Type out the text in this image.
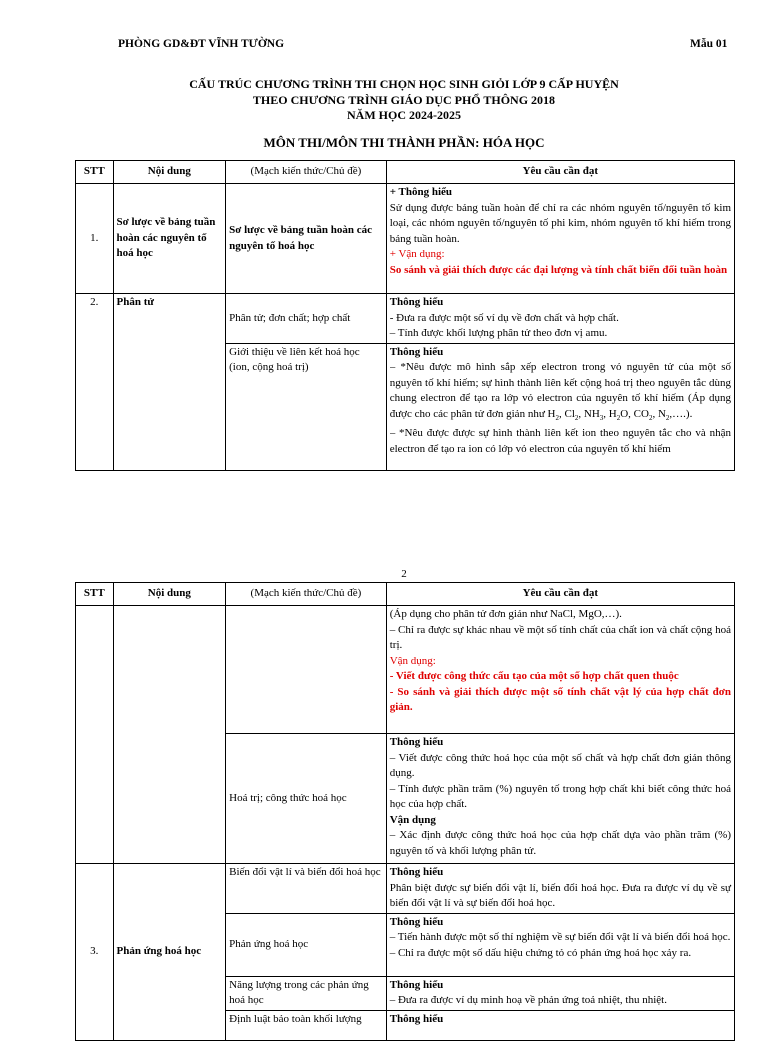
PHÒNG GD&ĐT VĨNH TƯỜNG	Mẫu 01
CẤU TRÚC CHƯƠNG TRÌNH THI CHỌN HỌC SINH GIỎI LỚP 9 CẤP HUYỆN
THEO CHƯƠNG TRÌNH GIÁO DỤC PHỔ THÔNG 2018
NĂM HỌC 2024-2025
MÔN THI/MÔN THI THÀNH PHẦN: HÓA HỌC
STT	Nội dung	(Mạch kiến thức/Chủ đề)	Yêu cầu cần đạt
1.	Sơ lược về bảng tuần hoàn các nguyên tố hoá học	Sơ lược về bảng tuần hoàn các nguyên tố hoá học	+ Thông hiểu
Sử dụng được bảng tuần hoàn để chỉ ra các nhóm nguyên tố/nguyên tố kim loại, các nhóm nguyên tố/nguyên tố phi kim, nhóm nguyên tố khí hiếm trong bảng tuần hoàn.
+ Vận dụng:
So sánh và giải thích được các đại lượng và tính chất biến đổi tuần hoàn

2.	Phân tử	Phân tử; đơn chất; hợp chất	Thông hiểu
- Đưa ra được một số ví dụ về đơn chất và hợp chất.
– Tính được khối lượng phân tử theo đơn vị amu.

		Giới thiệu về liên kết hoá học (ion, cộng hoá trị)	Thông hiểu
– *Nêu được mô hình sắp xếp electron trong vỏ nguyên tử của một số nguyên tố khí hiếm; sự hình thành liên kết cộng hoá trị theo nguyên tắc dùng chung electron để tạo ra lớp vỏ electron của nguyên tố khí hiếm (Áp dụng được cho các phân tử đơn giản như $H_2$, $Cl_2$, $NH_3$, $H_2O$, $CO_2$, $N_2,\dots$.).
– *Nêu được được sự hình thành liên kết ion theo nguyên tắc cho và nhận electron để tạo ra ion có lớp vỏ electron của nguyên tố khí hiếm
2
STT	Nội dung	(Mạch kiến thức/Chủ đề)	Yêu cầu cần đạt

			(Áp dụng cho phân tử đơn giản như NaCl, MgO,…).
– Chỉ ra được sự khác nhau về một số tính chất của chất ion và chất cộng hoá trị.
Vận dụng:
- Viết được công thức cấu tạo của một số hợp chất quen thuộc
- So sánh và giải thích được một số tính chất vật lý của hợp chất đơn giản.

		Hoá trị; công thức hoá học	Thông hiểu
– Viết được công thức hoá học của một số chất và hợp chất đơn giản thông dụng.
– Tính được phần trăm (%) nguyên tố trong hợp chất khi biết công thức hoá học của hợp chất.
Vận dụng
– Xác định được công thức hoá học của hợp chất dựa vào phần trăm (%) nguyên tố và khối lượng phân tử.

3.	Phản ứng hoá học	Biến đổi vật lí và biến đổi hoá học	Thông hiểu
Phân biệt được sự biến đổi vật lí, biến đổi hoá học. Đưa ra được ví dụ về sự biến đổi vật lí và sự biến đổi hoá học.

		Phản ứng hoá học	Thông hiểu
– Tiến hành được một số thí nghiệm về sự biến đổi vật lí và biến đổi hoá học.
– Chỉ ra được một số dấu hiệu chứng tỏ có phản ứng hoá học xảy ra.

		Năng lượng trong các phản ứng hoá học	Thông hiểu
– Đưa ra được ví dụ minh hoạ về phản ứng toả nhiệt, thu nhiệt.

		Định luật bảo toàn khối lượng	Thông hiểu
